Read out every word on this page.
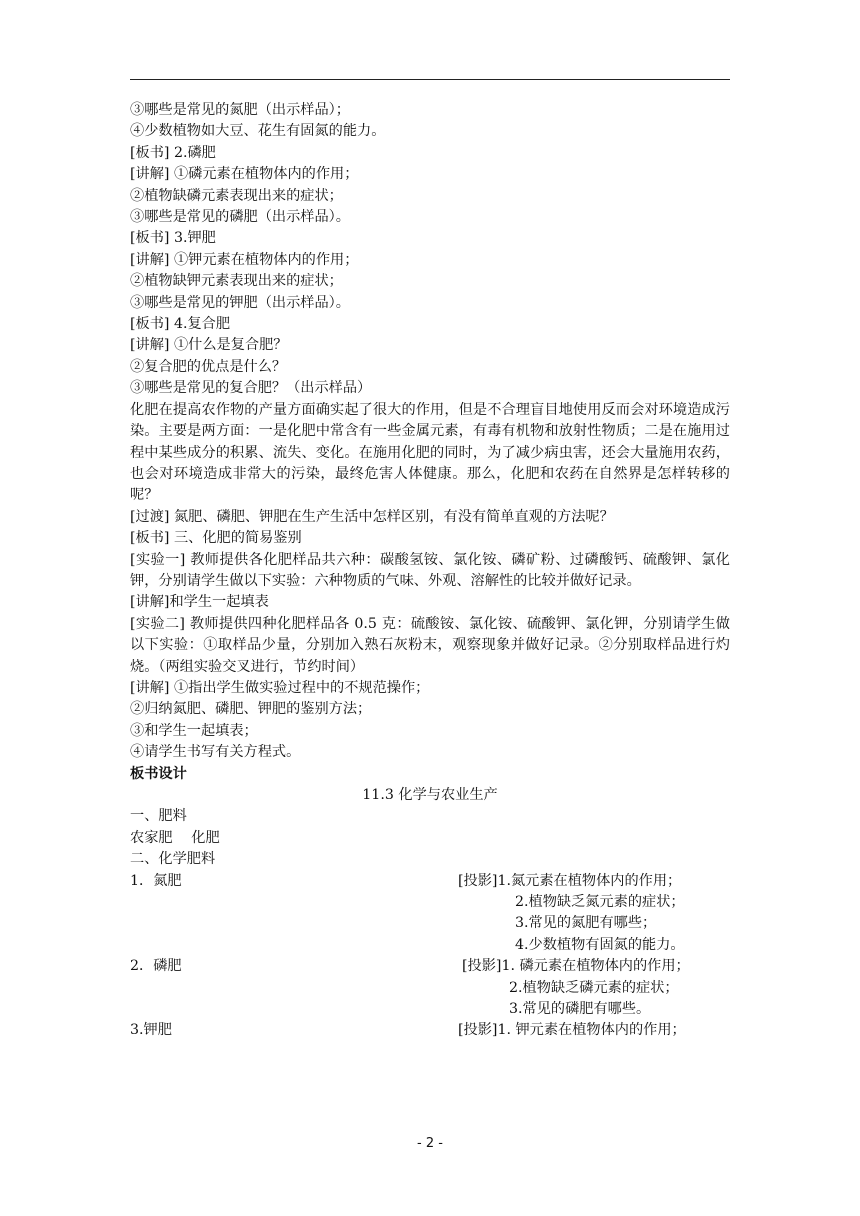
③哪些是常见的氮肥（出示样品）；
④少数植物如大豆、花生有固氮的能力。
[板书] 2.磷肥
[讲解] ①磷元素在植物体内的作用；
②植物缺磷元素表现出来的症状；
③哪些是常见的磷肥（出示样品）。
[板书] 3.钾肥
[讲解] ①钾元素在植物体内的作用；
②植物缺钾元素表现出来的症状；
③哪些是常见的钾肥（出示样品）。
[板书] 4.复合肥
[讲解] ①什么是复合肥？
②复合肥的优点是什么？
③哪些是常见的复合肥？（出示样品）
化肥在提高农作物的产量方面确实起了很大的作用，但是不合理盲目地使用反而会对环境造成污染。主要是两方面：一是化肥中常含有一些金属元素，有毒有机物和放射性物质；二是在施用过程中某些成分的积累、流失、变化。在施用化肥的同时，为了减少病虫害，还会大量施用农药，也会对环境造成非常大的污染，最终危害人体健康。那么，化肥和农药在自然界是怎样转移的呢？
[过渡] 氮肥、磷肥、钾肥在生产生活中怎样区别，有没有简单直观的方法呢？
[板书] 三、化肥的简易鉴别
[实验一] 教师提供各化肥样品共六种：碳酸氢铵、氯化铵、磷矿粉、过磷酸钙、硫酸钾、氯化钾，分别请学生做以下实验：六种物质的气味、外观、溶解性的比较并做好记录。
[讲解]和学生一起填表
[实验二] 教师提供四种化肥样品各 0.5 克：硫酸铵、氯化铵、硫酸钾、氯化钾，分别请学生做以下实验：①取样品少量，分别加入熟石灰粉末，观察现象并做好记录。②分别取样品进行灼烧。（两组实验交叉进行，节约时间）
[讲解] ①指出学生做实验过程中的不规范操作；
②归纳氮肥、磷肥、钾肥的鉴别方法；
③和学生一起填表；
④请学生书写有关方程式。
板书设计
11.3 化学与农业生产
一、肥料
农家肥　 化肥
二、化学肥料
1．氮肥	[投影]1.氮元素在植物体内的作用；
2.植物缺乏氮元素的症状；
3.常见的氮肥有哪些；
4.少数植物有固氮的能力。
2．磷肥	[投影]1. 磷元素在植物体内的作用；
2.植物缺乏磷元素的症状；
3.常见的磷肥有哪些。
3.钾肥	[投影]1. 钾元素在植物体内的作用；
- 2 -
